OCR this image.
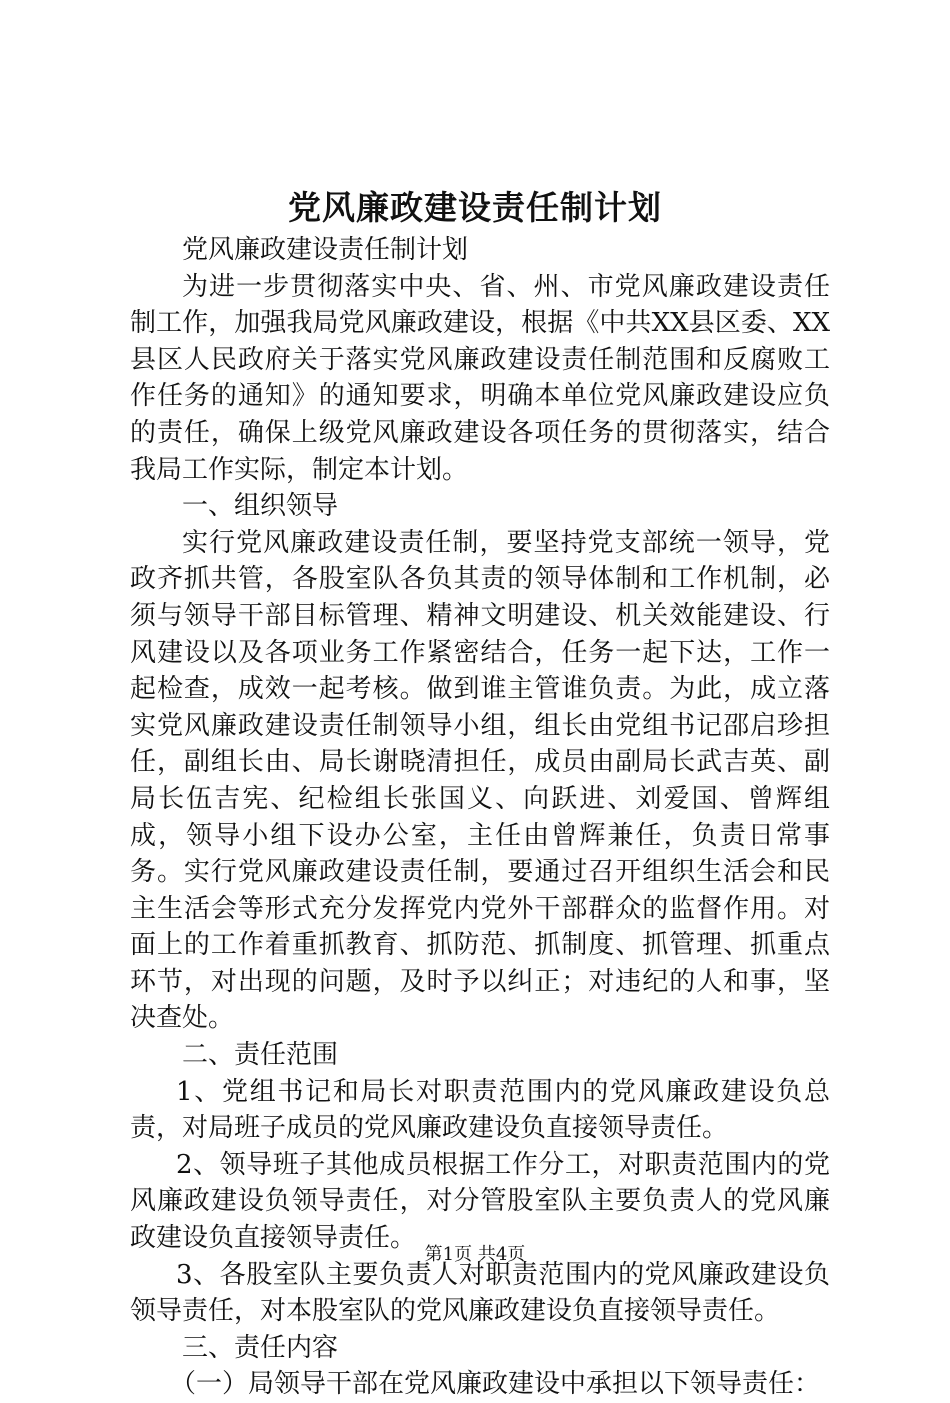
党风廉政建设责任制计划

党风廉政建设责任制计划

为进一步贯彻落实中央、省、州、市党风廉政建设责任制工作，加强我局党风廉政建设，根据《中共XX县区委、XX县区人民政府关于落实党风廉政建设责任制范围和反腐败工作任务的通知》的通知要求，明确本单位党风廉政建设应负的责任，确保上级党风廉政建设各项任务的贯彻落实，结合我局工作实际，制定本计划。

一、组织领导

实行党风廉政建设责任制，要坚持党支部统一领导，党政齐抓共管，各股室队各负其责的领导体制和工作机制，必须与领导干部目标管理、精神文明建设、机关效能建设、行风建设以及各项业务工作紧密结合，任务一起下达，工作一起检查，成效一起考核。做到谁主管谁负责。为此，成立落实党风廉政建设责任制领导小组，组长由党组书记邵启珍担任，副组长由、局长谢晓清担任，成员由副局长武吉英、副局长伍吉宪、纪检组长张国义、向跃进、刘爱国、曾辉组成，领导小组下设办公室，主任由曾辉兼任，负责日常事务。实行党风廉政建设责任制，要通过召开组织生活会和民主生活会等形式充分发挥党内党外干部群众的监督作用。对面上的工作着重抓教育、抓防范、抓制度、抓管理、抓重点环节，对出现的问题，及时予以纠正；对违纪的人和事，坚决查处。

二、责任范围

1、党组书记和局长对职责范围内的党风廉政建设负总责，对局班子成员的党风廉政建设负直接领导责任。

2、领导班子其他成员根据工作分工，对职责范围内的党风廉政建设负领导责任，对分管股室队主要负责人的党风廉政建设负直接领导责任。

3、各股室队主要负责人对职责范围内的党风廉政建设负领导责任，对本股室队的党风廉政建设负直接领导责任。

三、责任内容

（一）局领导干部在党风廉政建设中承担以下领导责任：

第1页 共4页
